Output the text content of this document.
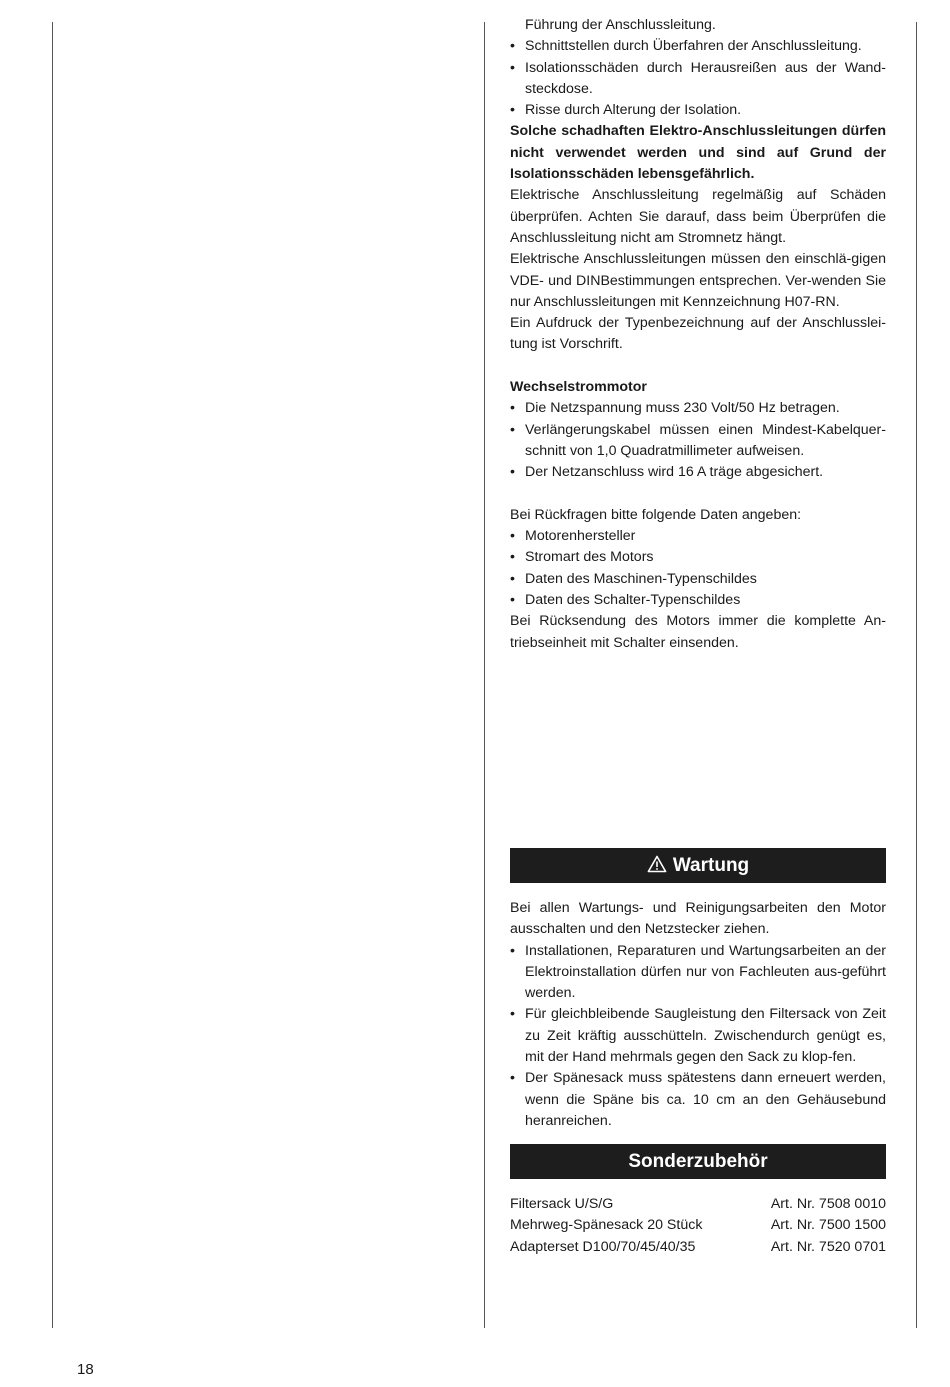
Führung der Anschlussleitung.

• Schnittstellen durch Überfahren der Anschlussleitung.

• Isolationsschäden durch Herausreißen aus der Wand-steckdose.

• Risse durch Alterung der Isolation.

Solche schadhaften Elektro-Anschlussleitungen dürfen nicht verwendet werden und sind auf Grund der Isolationsschäden lebensgefährlich.

Elektrische Anschlussleitung regelmäßig auf Schäden überprüfen. Achten Sie darauf, dass beim Überprüfen die Anschlussleitung nicht am Stromnetz hängt.

Elektrische Anschlussleitungen müssen den einschlä-gigen VDE- und DINBestimmungen entsprechen. Ver-wenden Sie nur Anschlussleitungen mit Kennzeichnung H07-RN.

Ein Aufdruck der Typenbezeichnung auf der Anschlusslei-tung ist Vorschrift.

Wechselstrommotor

• Die Netzspannung muss 230 Volt/50 Hz betragen.

• Verlängerungskabel müssen einen Mindest-Kabelquer-schnitt von 1,0 Quadratmillimeter aufweisen.

• Der Netzanschluss wird 16 A träge abgesichert.

Bei Rückfragen bitte folgende Daten angeben:

• Motorenhersteller

• Stromart des Motors

• Daten des Maschinen-Typenschildes

• Daten des Schalter-Typenschildes

Bei Rücksendung des Motors immer die komplette An-triebseinheit mit Schalter einsenden.

Wartung

Bei allen Wartungs- und Reinigungsarbeiten den Motor ausschalten und den Netzstecker ziehen.

• Installationen, Reparaturen und Wartungsarbeiten an der Elektroinstallation dürfen nur von Fachleuten aus-geführt werden.

• Für gleichbleibende Saugleistung den Filtersack von Zeit zu Zeit kräftig ausschütteln. Zwischendurch genügt es, mit der Hand mehrmals gegen den Sack zu klop-fen.

• Der Spänesack muss spätestens dann erneuert werden, wenn die Späne bis ca. 10 cm an den Gehäusebund heranreichen.

Sonderzubehör
Filtersack U/S/G	Art. Nr. 7508 0010
Mehrweg-Spänesack 20 Stück	Art. Nr. 7500 1500
Adapterset D100/70/45/40/35	Art. Nr. 7520 0701
18
